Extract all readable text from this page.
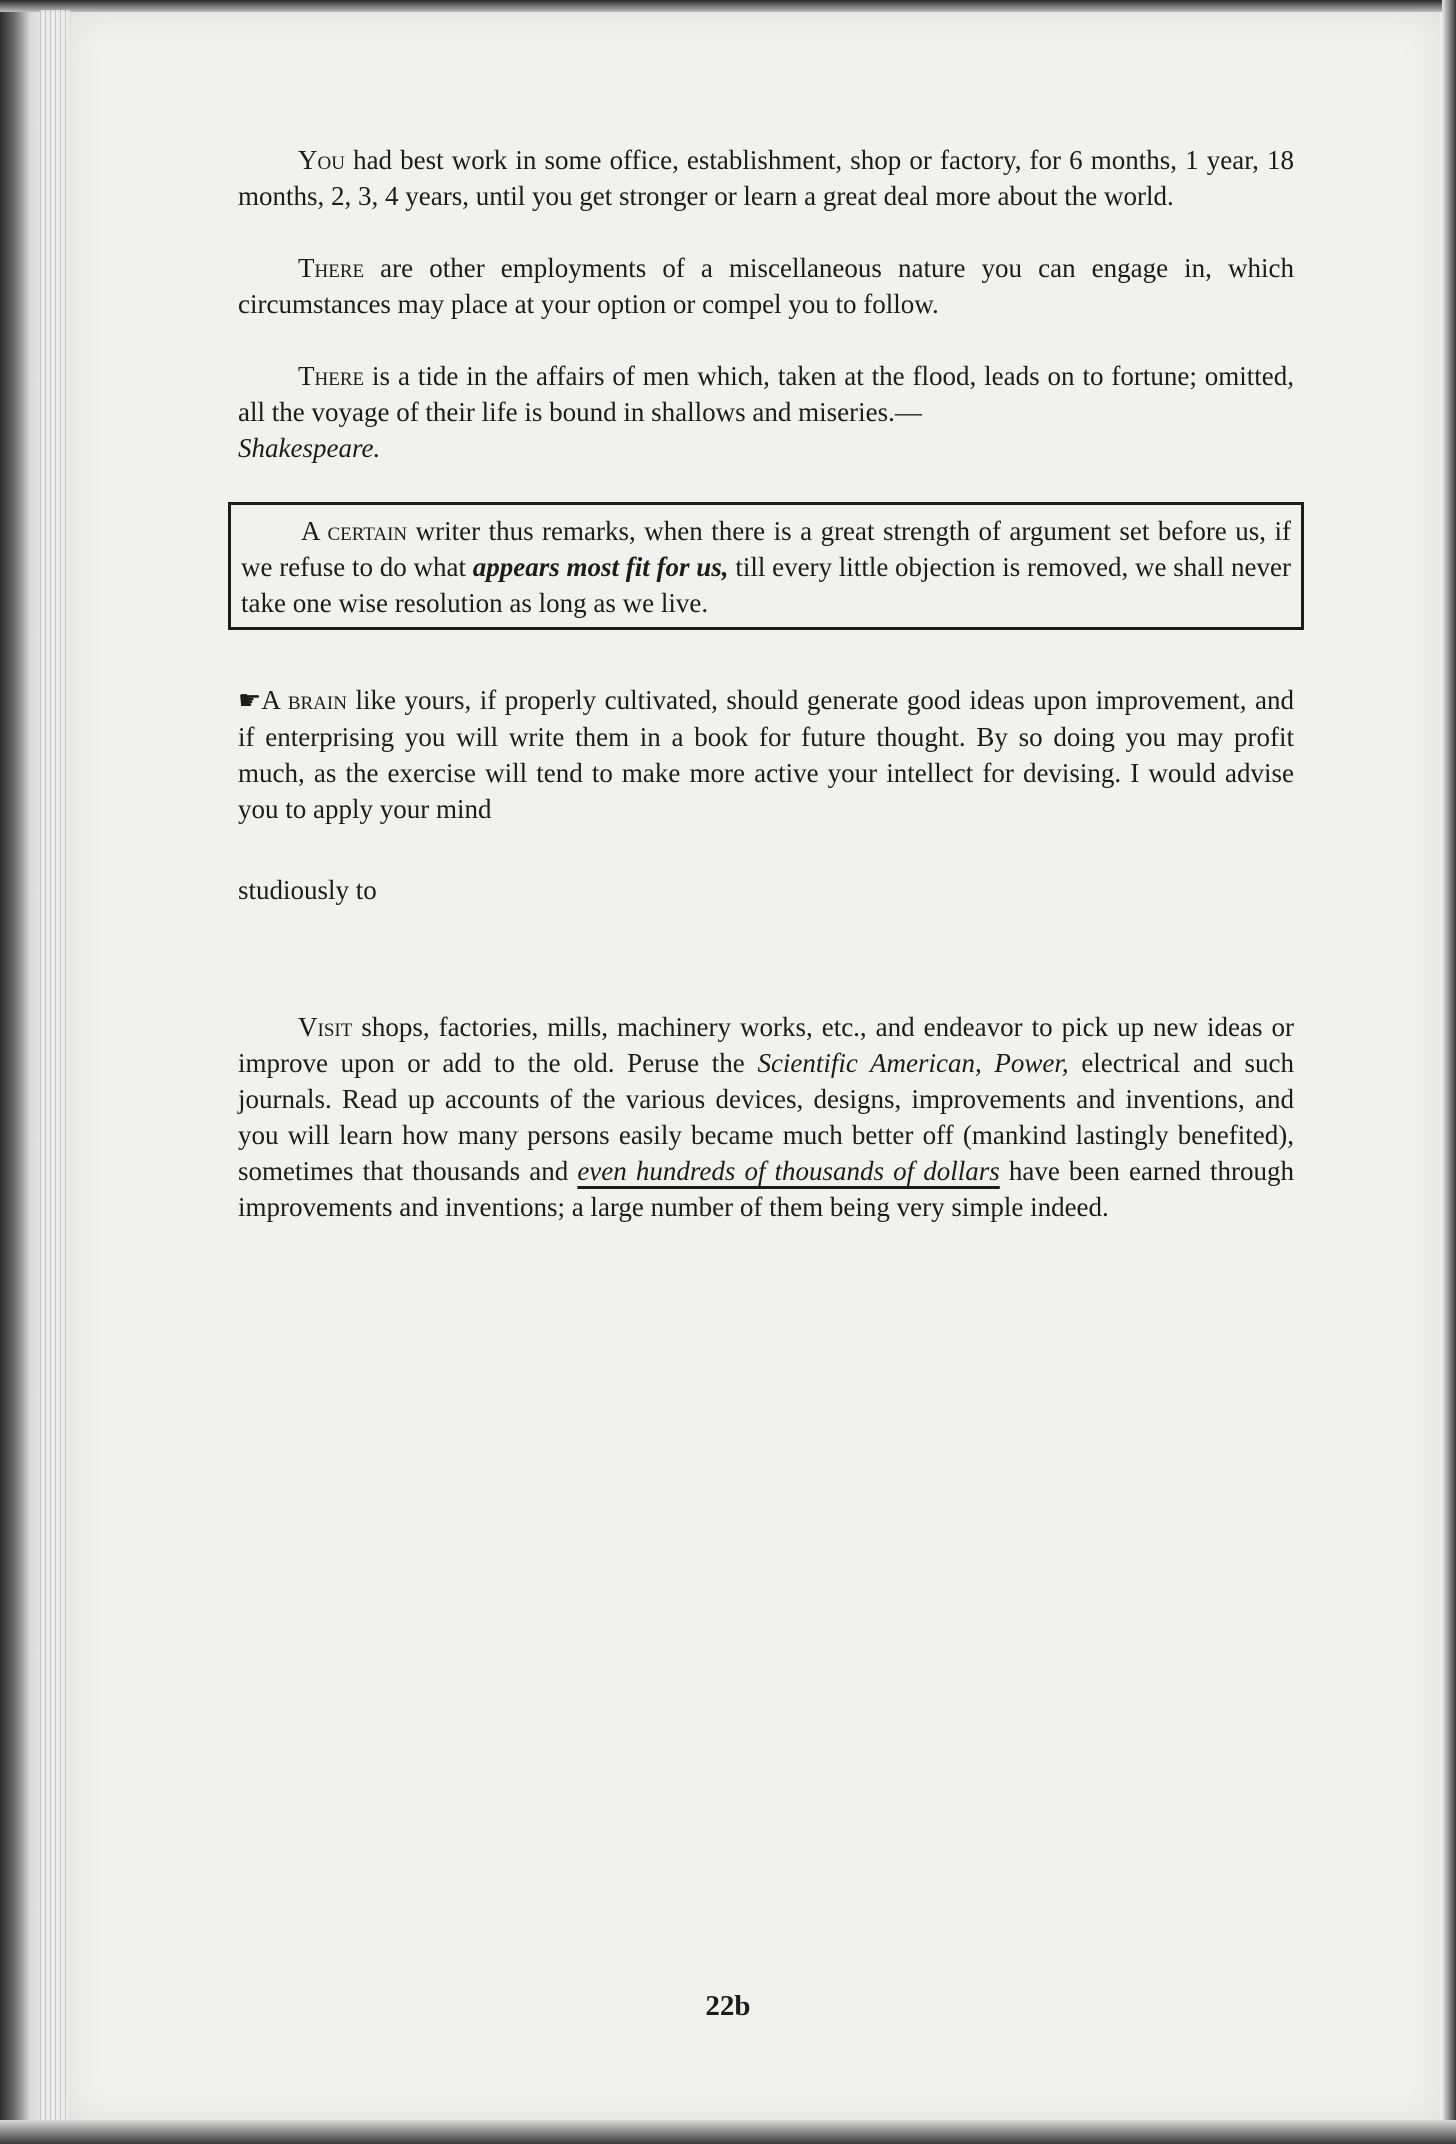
You had best work in some office, establishment, shop or factory, for 6 months, 1 year, 18 months, 2, 3, 4 years, until you get stronger or learn a great deal more about the world.

There are other employments of a miscellaneous nature you can engage in, which circumstances may place at your option or compel you to follow.

There is a tide in the affairs of men which, taken at the flood, leads on to fortune; omitted, all the voyage of their life is bound in shallows and miseries.—
Shakespeare.

A certain writer thus remarks, when there is a great strength of argument set before us, if we refuse to do what appears most fit for us, till every little objection is removed, we shall never take one wise resolution as long as we live.

☛A brain like yours, if properly cultivated, should generate good ideas upon improvement, and if enterprising you will write them in a book for future thought. By so doing you may profit much, as the exercise will tend to make more active your intellect for devising. I would advise you to apply your mind

studiously to

Visit shops, factories, mills, machinery works, etc., and endeavor to pick up new ideas or improve upon or add to the old. Peruse the Scientific American, Power, electrical and such journals. Read up accounts of the various devices, designs, improvements and inventions, and you will learn how many persons easily became much better off (mankind lastingly benefited), sometimes that thousands and even hundreds of thousands of dollars have been earned through improvements and inventions; a large number of them being very simple indeed.

22b
